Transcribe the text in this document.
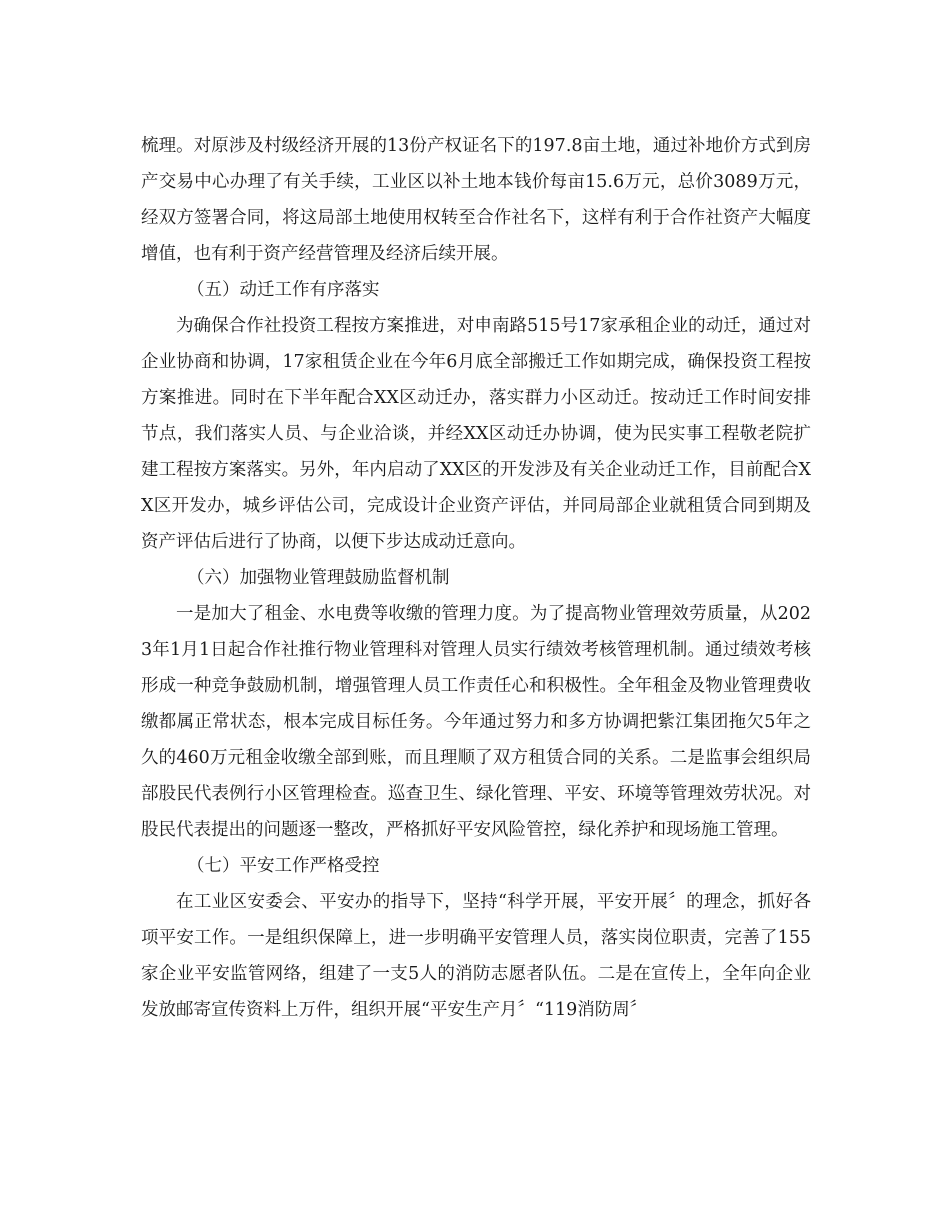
梳理。对原涉及村级经济开展的13份产权证名下的197.8亩土地，通过补地价方式到房产交易中心办理了有关手续，工业区以补土地本钱价每亩15.6万元，总价3089万元，经双方签署合同，将这局部土地使用权转至合作社名下，这样有利于合作社资产大幅度增值，也有利于资产经营管理及经济后续开展。

（五）动迁工作有序落实

为确保合作社投资工程按方案推进，对申南路515号17家承租企业的动迁，通过对企业协商和协调，17家租赁企业在今年6月底全部搬迁工作如期完成，确保投资工程按方案推进。同时在下半年配合XX区动迁办，落实群力小区动迁。按动迁工作时间安排节点，我们落实人员、与企业洽谈，并经XX区动迁办协调，使为民实事工程敬老院扩建工程按方案落实。另外，年内启动了XX区的开发涉及有关企业动迁工作，目前配合XX区开发办，城乡评估公司，完成设计企业资产评估，并同局部企业就租赁合同到期及资产评估后进行了协商，以便下步达成动迁意向。

（六）加强物业管理鼓励监督机制

一是加大了租金、水电费等收缴的管理力度。为了提高物业管理效劳质量，从2023年1月1日起合作社推行物业管理科对管理人员实行绩效考核管理机制。通过绩效考核形成一种竞争鼓励机制，增强管理人员工作责任心和积极性。全年租金及物业管理费收缴都属正常状态，根本完成目标任务。今年通过努力和多方协调把紫江集团拖欠5年之久的460万元租金收缴全部到账，而且理顺了双方租赁合同的关系。二是监事会组织局部股民代表例行小区管理检查。巡查卫生、绿化管理、平安、环境等管理效劳状况。对股民代表提出的问题逐一整改，严格抓好平安风险管控，绿化养护和现场施工管理。

（七）平安工作严格受控

在工业区安委会、平安办的指导下，坚持“科学开展，平安开展〞的理念，抓好各项平安工作。一是组织保障上，进一步明确平安管理人员，落实岗位职责，完善了155家企业平安监管网络，组建了一支5人的消防志愿者队伍。二是在宣传上，全年向企业发放邮寄宣传资料上万件，组织开展“平安生产月〞“119消防周〞
